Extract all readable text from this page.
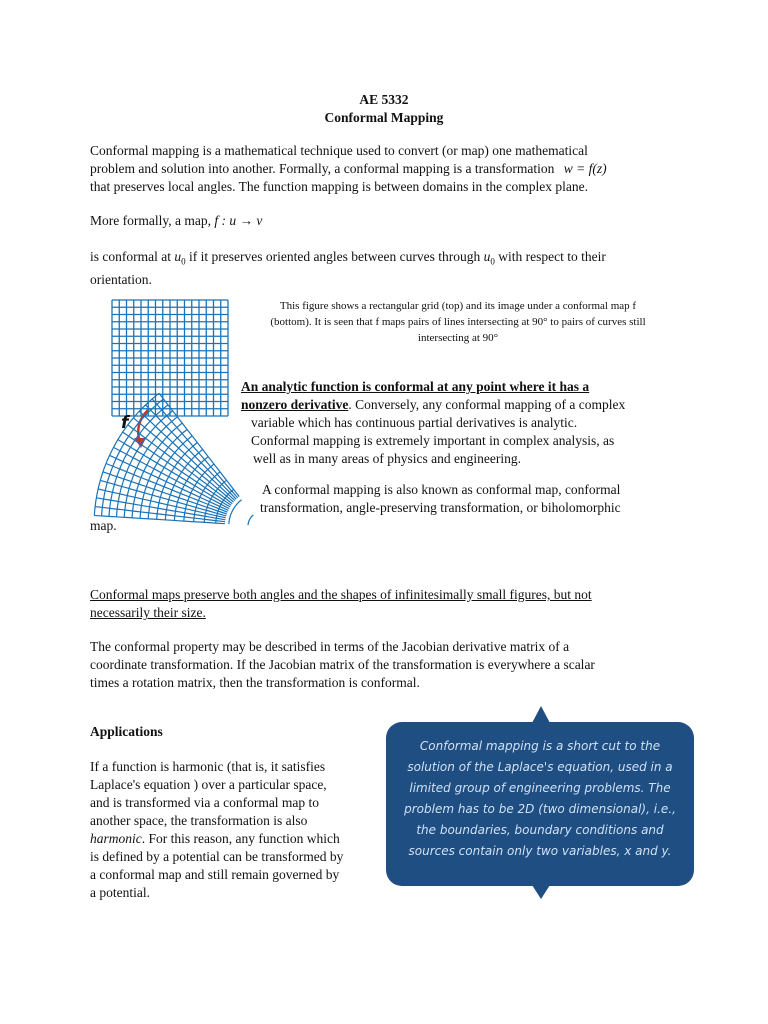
AE 5332
Conformal Mapping

Conformal mapping is a mathematical technique used to convert (or map) one mathematical

problem and solution into another. Formally, a conformal mapping is a transformation w = f(z)

that preserves local angles. The function mapping is between domains in the complex plane.

More formally, a map, f : u → v

is conformal at $u_0$ if it preserves oriented angles between curves through $u_0$ with respect to their

orientation.

f
This figure shows a rectangular grid (top) and its image under a conformal map f
(bottom). It is seen that f maps pairs of lines intersecting at 90° to pairs of curves still
intersecting at 90°

An analytic function is conformal at any point where it has a

nonzero derivative. Conversely, any conformal mapping of a complex

variable which has continuous partial derivatives is analytic.

Conformal mapping is extremely important in complex analysis, as

well as in many areas of physics and engineering.

A conformal mapping is also known as conformal map, conformal

transformation, angle-preserving transformation, or biholomorphic

map.

Conformal maps preserve both angles and the shapes of infinitesimally small figures, but not

necessarily their size.

The conformal property may be described in terms of the Jacobian derivative matrix of a

coordinate transformation. If the Jacobian matrix of the transformation is everywhere a scalar

times a rotation matrix, then the transformation is conformal.

Applications

If a function is harmonic (that is, it satisfies

Laplace's equation ) over a particular space,

and is transformed via a conformal map to

another space, the transformation is also

harmonic. For this reason, any function which

is defined by a potential can be transformed by

a conformal map and still remain governed by

a potential.

Conformal mapping is a short cut to the
solution of the Laplace's equation, used in a
limited group of engineering problems. The
problem has to be 2D (two dimensional), i.e.,
the boundaries, boundary conditions and
sources contain only two variables, x and y.
